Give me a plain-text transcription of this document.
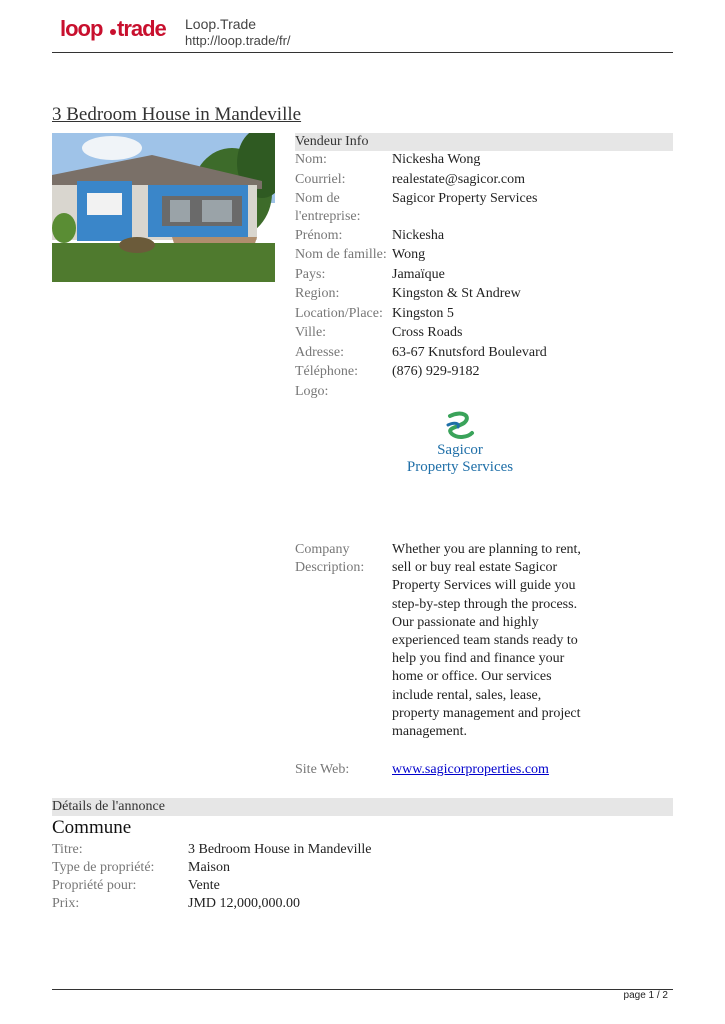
loop trade Loop.Trade
http://loop.trade/fr/
3 Bedroom House in Mandeville
Vendeur Info
Nom:	Nickesha Wong
Courriel:	realestate@sagicor.com
Nom de l'entreprise:
Sagicor Property Services
Prénom:	Nickesha
Nom de famille: Wong
Pays:	Jamaïque
Region:	Kingston & St Andrew
Location/Place: Kingston 5
Ville:	Cross Roads
Adresse:	63-67 Knutsford Boulevard
Téléphone: (876) 929-9182
Logo:
Sagicor
Property Services
Company Description:
Whether you are planning to rent, sell or buy real estate Sagicor Property Services will guide you step-by-step through the process. Our passionate and highly experienced team stands ready to help you find and finance your home or office. Our services include rental, sales, lease, property management and project management.
Site Web:	www.sagicorproperties.com
Détails de l'annonce
Commune
Titre:	3 Bedroom House in Mandeville
Type de propriété: Maison
Propriété pour:	Vente
Prix:	JMD 12,000,000.00
page 1 / 2
